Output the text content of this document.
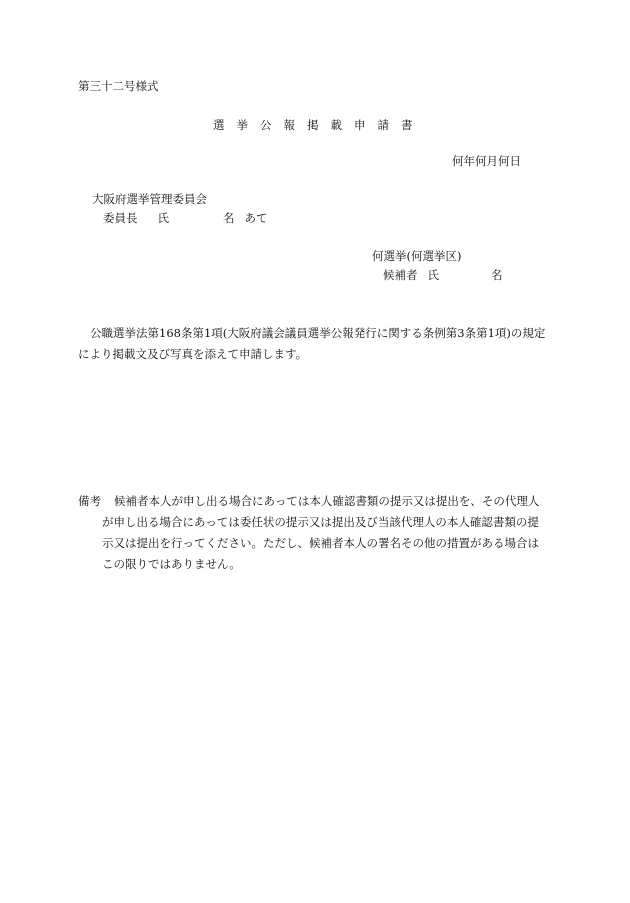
第三十二号様式
選挙公報掲載申請書
何年何月何日
大阪府選挙管理委員会
委員長 氏	名 あて
何選挙(何選挙区)
候補者 氏	名
公職選挙法第168条第1項(大阪府議会議員選挙公報発行に関する条例第3条第1項)の規定
により掲載文及び写真を添えて申請します。
備考 候補者本人が申し出る場合にあっては本人確認書類の提示又は提出を、その代理人
が申し出る場合にあっては委任状の提示又は提出及び当該代理人の本人確認書類の提
示又は提出を行ってください。ただし、候補者本人の署名その他の措置がある場合は
この限りではありません。
